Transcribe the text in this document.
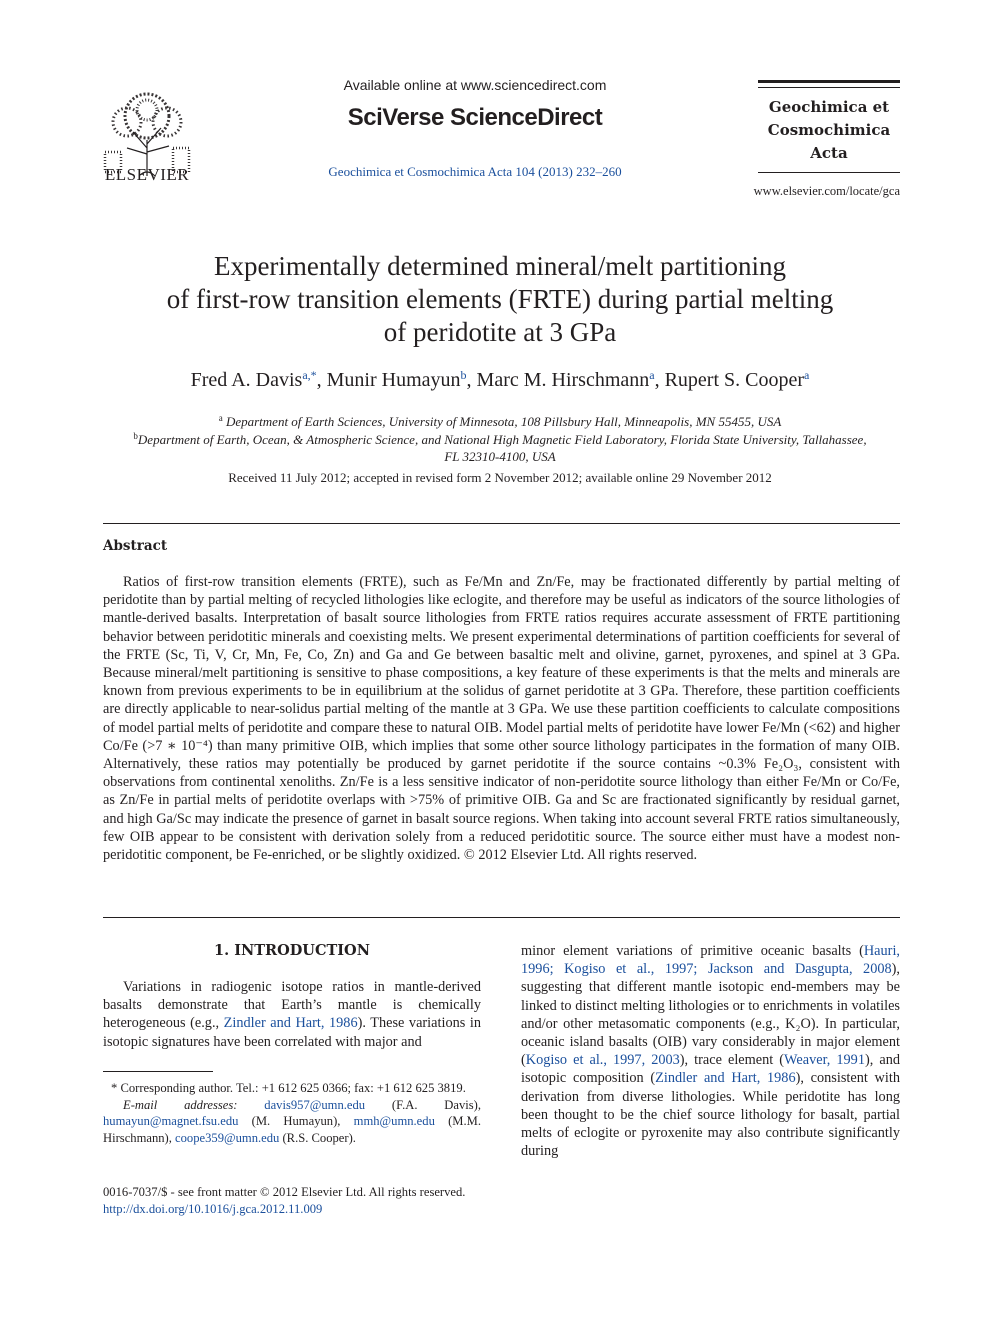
ELSEVIER
Available online at www.sciencedirect.com
SciVerse ScienceDirect
Geochimica et Cosmochimica Acta 104 (2013) 232–260
Geochimica et
Cosmochimica
Acta
www.elsevier.com/locate/gca
Experimentally determined mineral/melt partitioning
of first-row transition elements (FRTE) during partial melting
of peridotite at 3 GPa
Fred A. Davis$^{a,*}$, Munir Humayun$^b$, Marc M. Hirschmann$^a$, Rupert S. Cooper$^a$
$^a$ Department of Earth Sciences, University of Minnesota, 108 Pillsbury Hall, Minneapolis, MN 55455, USA
$^b$Department of Earth, Ocean, & Atmospheric Science, and National High Magnetic Field Laboratory, Florida State University, Tallahassee,
FL 32310-4100, USA
Received 11 July 2012; accepted in revised form 2 November 2012; available online 29 November 2012
Abstract

Ratios of first-row transition elements (FRTE), such as Fe/Mn and Zn/Fe, may be fractionated differently by partial melting of peridotite than by partial melting of recycled lithologies like eclogite, and therefore may be useful as indicators of the source lithologies of mantle-derived basalts. Interpretation of basalt source lithologies from FRTE ratios requires accurate assessment of FRTE partitioning behavior between peridotitic minerals and coexisting melts. We present experimental determinations of partition coefficients for several of the FRTE (Sc, Ti, V, Cr, Mn, Fe, Co, Zn) and Ga and Ge between basaltic melt and olivine, garnet, pyroxenes, and spinel at 3 GPa. Because mineral/melt partitioning is sensitive to phase compositions, a key feature of these experiments is that the melts and minerals are known from previous experiments to be in equilibrium at the solidus of garnet peridotite at 3 GPa. Therefore, these partition coefficients are directly applicable to near-solidus partial melting of the mantle at 3 GPa. We use these partition coefficients to calculate compositions of model partial melts of peridotite and compare these to natural OIB. Model partial melts of peridotite have lower Fe/Mn (<62) and higher Co/Fe (>7 ∗ 10⁻⁴) than many primitive OIB, which implies that some other source lithology participates in the formation of many OIB. Alternatively, these ratios may potentially be produced by garnet peridotite if the source contains ~0.3% Fe₂O₃, consistent with observations from continental xenoliths. Zn/Fe is a less sensitive indicator of non-peridotite source lithology than either Fe/Mn or Co/Fe, as Zn/Fe in partial melts of peridotite overlaps with >75% of primitive OIB. Ga and Sc are fractionated significantly by residual garnet, and high Ga/Sc may indicate the presence of garnet in basalt source regions. When taking into account several FRTE ratios simultaneously, few OIB appear to be consistent with derivation solely from a reduced peridotitic source. The source either must have a modest non-peridotitic component, be Fe-enriched, or be slightly oxidized. © 2012 Elsevier Ltd. All rights reserved.

1. INTRODUCTION

Variations in radiogenic isotope ratios in mantle-derived basalts demonstrate that Earth’s mantle is chemically heterogeneous (e.g., Zindler and Hart, 1986). These variations in isotopic signatures have been correlated with major and

* Corresponding author. Tel.: +1 612 625 0366; fax: +1 612 625 3819.
E-mail addresses: davis957@umn.edu (F.A. Davis), humayun@magnet.fsu.edu (M. Humayun), mmh@umn.edu (M.M. Hirschmann), coope359@umn.edu (R.S. Cooper).

0016-7037/$ - see front matter © 2012 Elsevier Ltd. All rights reserved.
http://dx.doi.org/10.1016/j.gca.2012.11.009

minor element variations of primitive oceanic basalts (Hauri, 1996; Kogiso et al., 1997; Jackson and Dasgupta, 2008), suggesting that different mantle isotopic end-members may be linked to distinct melting lithologies or to enrichments in volatiles and/or other metasomatic components (e.g., K₂O). In particular, oceanic island basalts (OIB) vary considerably in major element (Kogiso et al., 1997, 2003), trace element (Weaver, 1991), and isotopic composition (Zindler and Hart, 1986), consistent with derivation from diverse lithologies. While peridotite has long been thought to be the chief source lithology for basalt, partial melts of eclogite or pyroxenite may also contribute significantly during
